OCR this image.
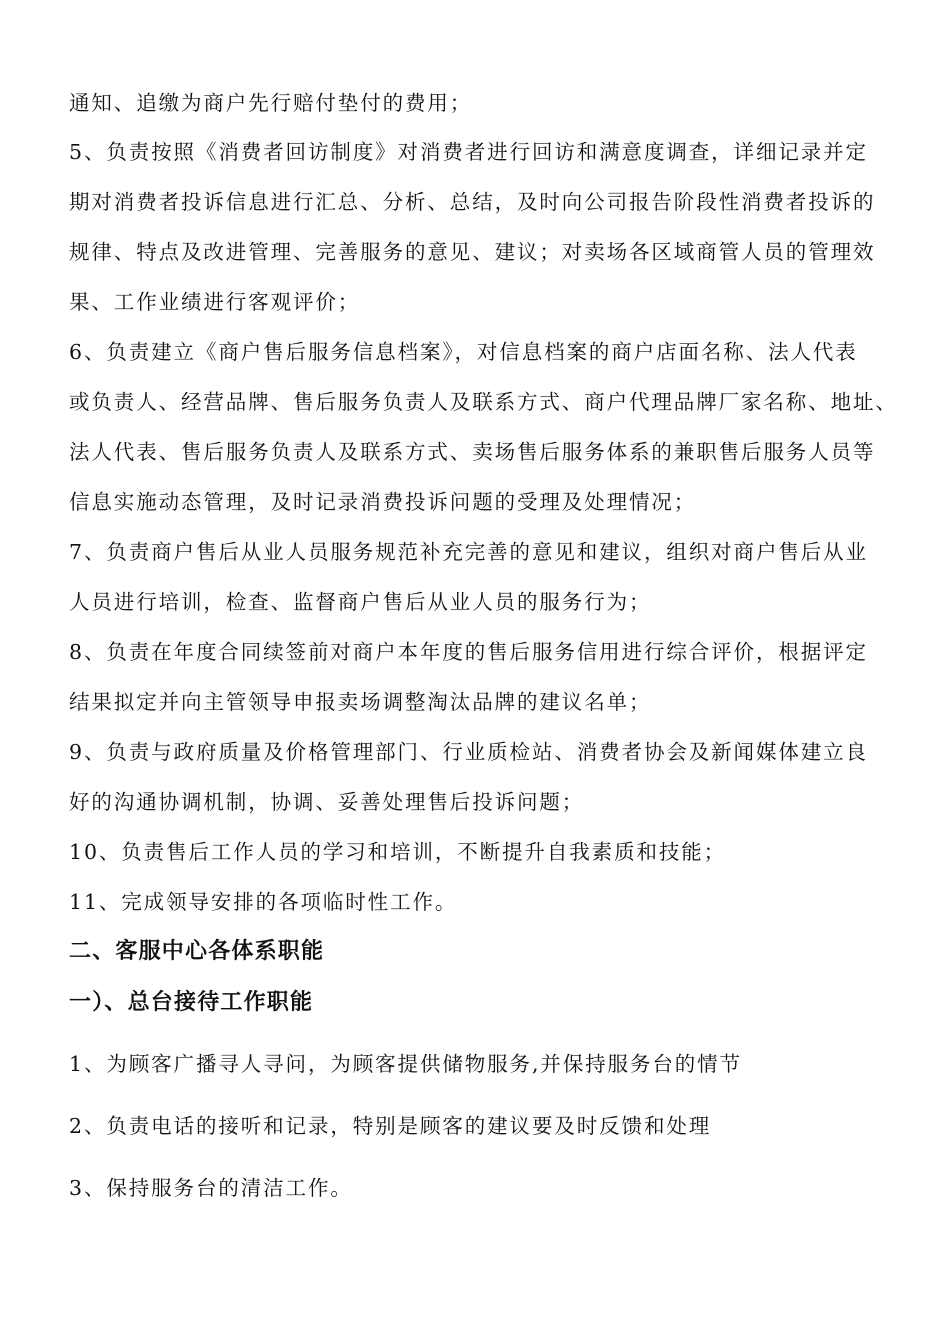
通知、追缴为商户先行赔付垫付的费用；
5、负责按照《消费者回访制度》对消费者进行回访和满意度调查，详细记录并定
期对消费者投诉信息进行汇总、分析、总结，及时向公司报告阶段性消费者投诉的
规律、特点及改进管理、完善服务的意见、建议；对卖场各区域商管人员的管理效
果、工作业绩进行客观评价；
6、负责建立《商户售后服务信息档案》，对信息档案的商户店面名称、法人代表
或负责人、经营品牌、售后服务负责人及联系方式、商户代理品牌厂家名称、地址、
法人代表、售后服务负责人及联系方式、卖场售后服务体系的兼职售后服务人员等
信息实施动态管理，及时记录消费投诉问题的受理及处理情况；
7、负责商户售后从业人员服务规范补充完善的意见和建议，组织对商户售后从业
人员进行培训，检查、监督商户售后从业人员的服务行为；
8、负责在年度合同续签前对商户本年度的售后服务信用进行综合评价，根据评定
结果拟定并向主管领导申报卖场调整淘汰品牌的建议名单；
9、负责与政府质量及价格管理部门、行业质检站、消费者协会及新闻媒体建立良
好的沟通协调机制，协调、妥善处理售后投诉问题；
10、负责售后工作人员的学习和培训，不断提升自我素质和技能；
11、完成领导安排的各项临时性工作。
二、客服中心各体系职能
一）、总台接待工作职能
1、为顾客广播寻人寻问，为顾客提供储物服务,并保持服务台的情节
2、负责电话的接听和记录，特别是顾客的建议要及时反馈和处理
3、保持服务台的清洁工作。
